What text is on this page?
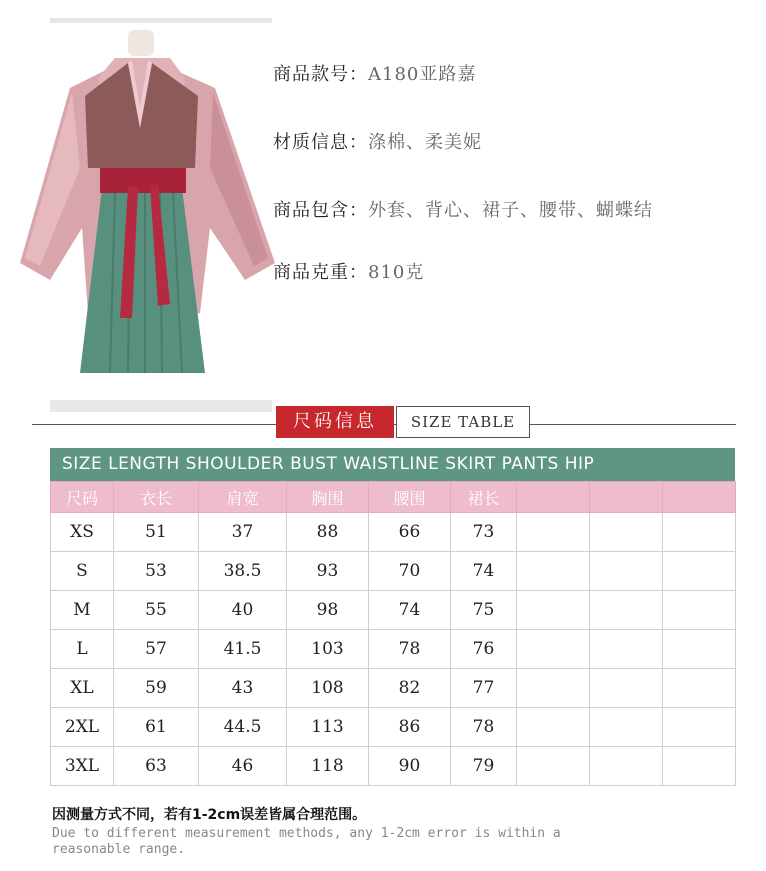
商品款号：A180亚路嘉
材质信息：涤棉、柔美妮
商品包含：外套、背心、裙子、腰带、蝴蝶结
商品克重：810克
尺码信息	SIZE TABLE
SIZE LENGTH SHOULDER BUST WAISTLINE SKIRT PANTS HIP
尺码	衣长	肩宽	胸围	腰围	裙长			
XS	51	37	88	66	73			
S	53	38.5	93	70	74			
M	55	40	98	74	75			
L	57	41.5	103	78	76			
XL	59	43	108	82	77			
2XL	61	44.5	113	86	78			
3XL	63	46	118	90	79			
因测量方式不同，若有1-2cm误差皆属合理范围。
Due to different measurement methods, any 1-2cm error is within a reasonable range.
